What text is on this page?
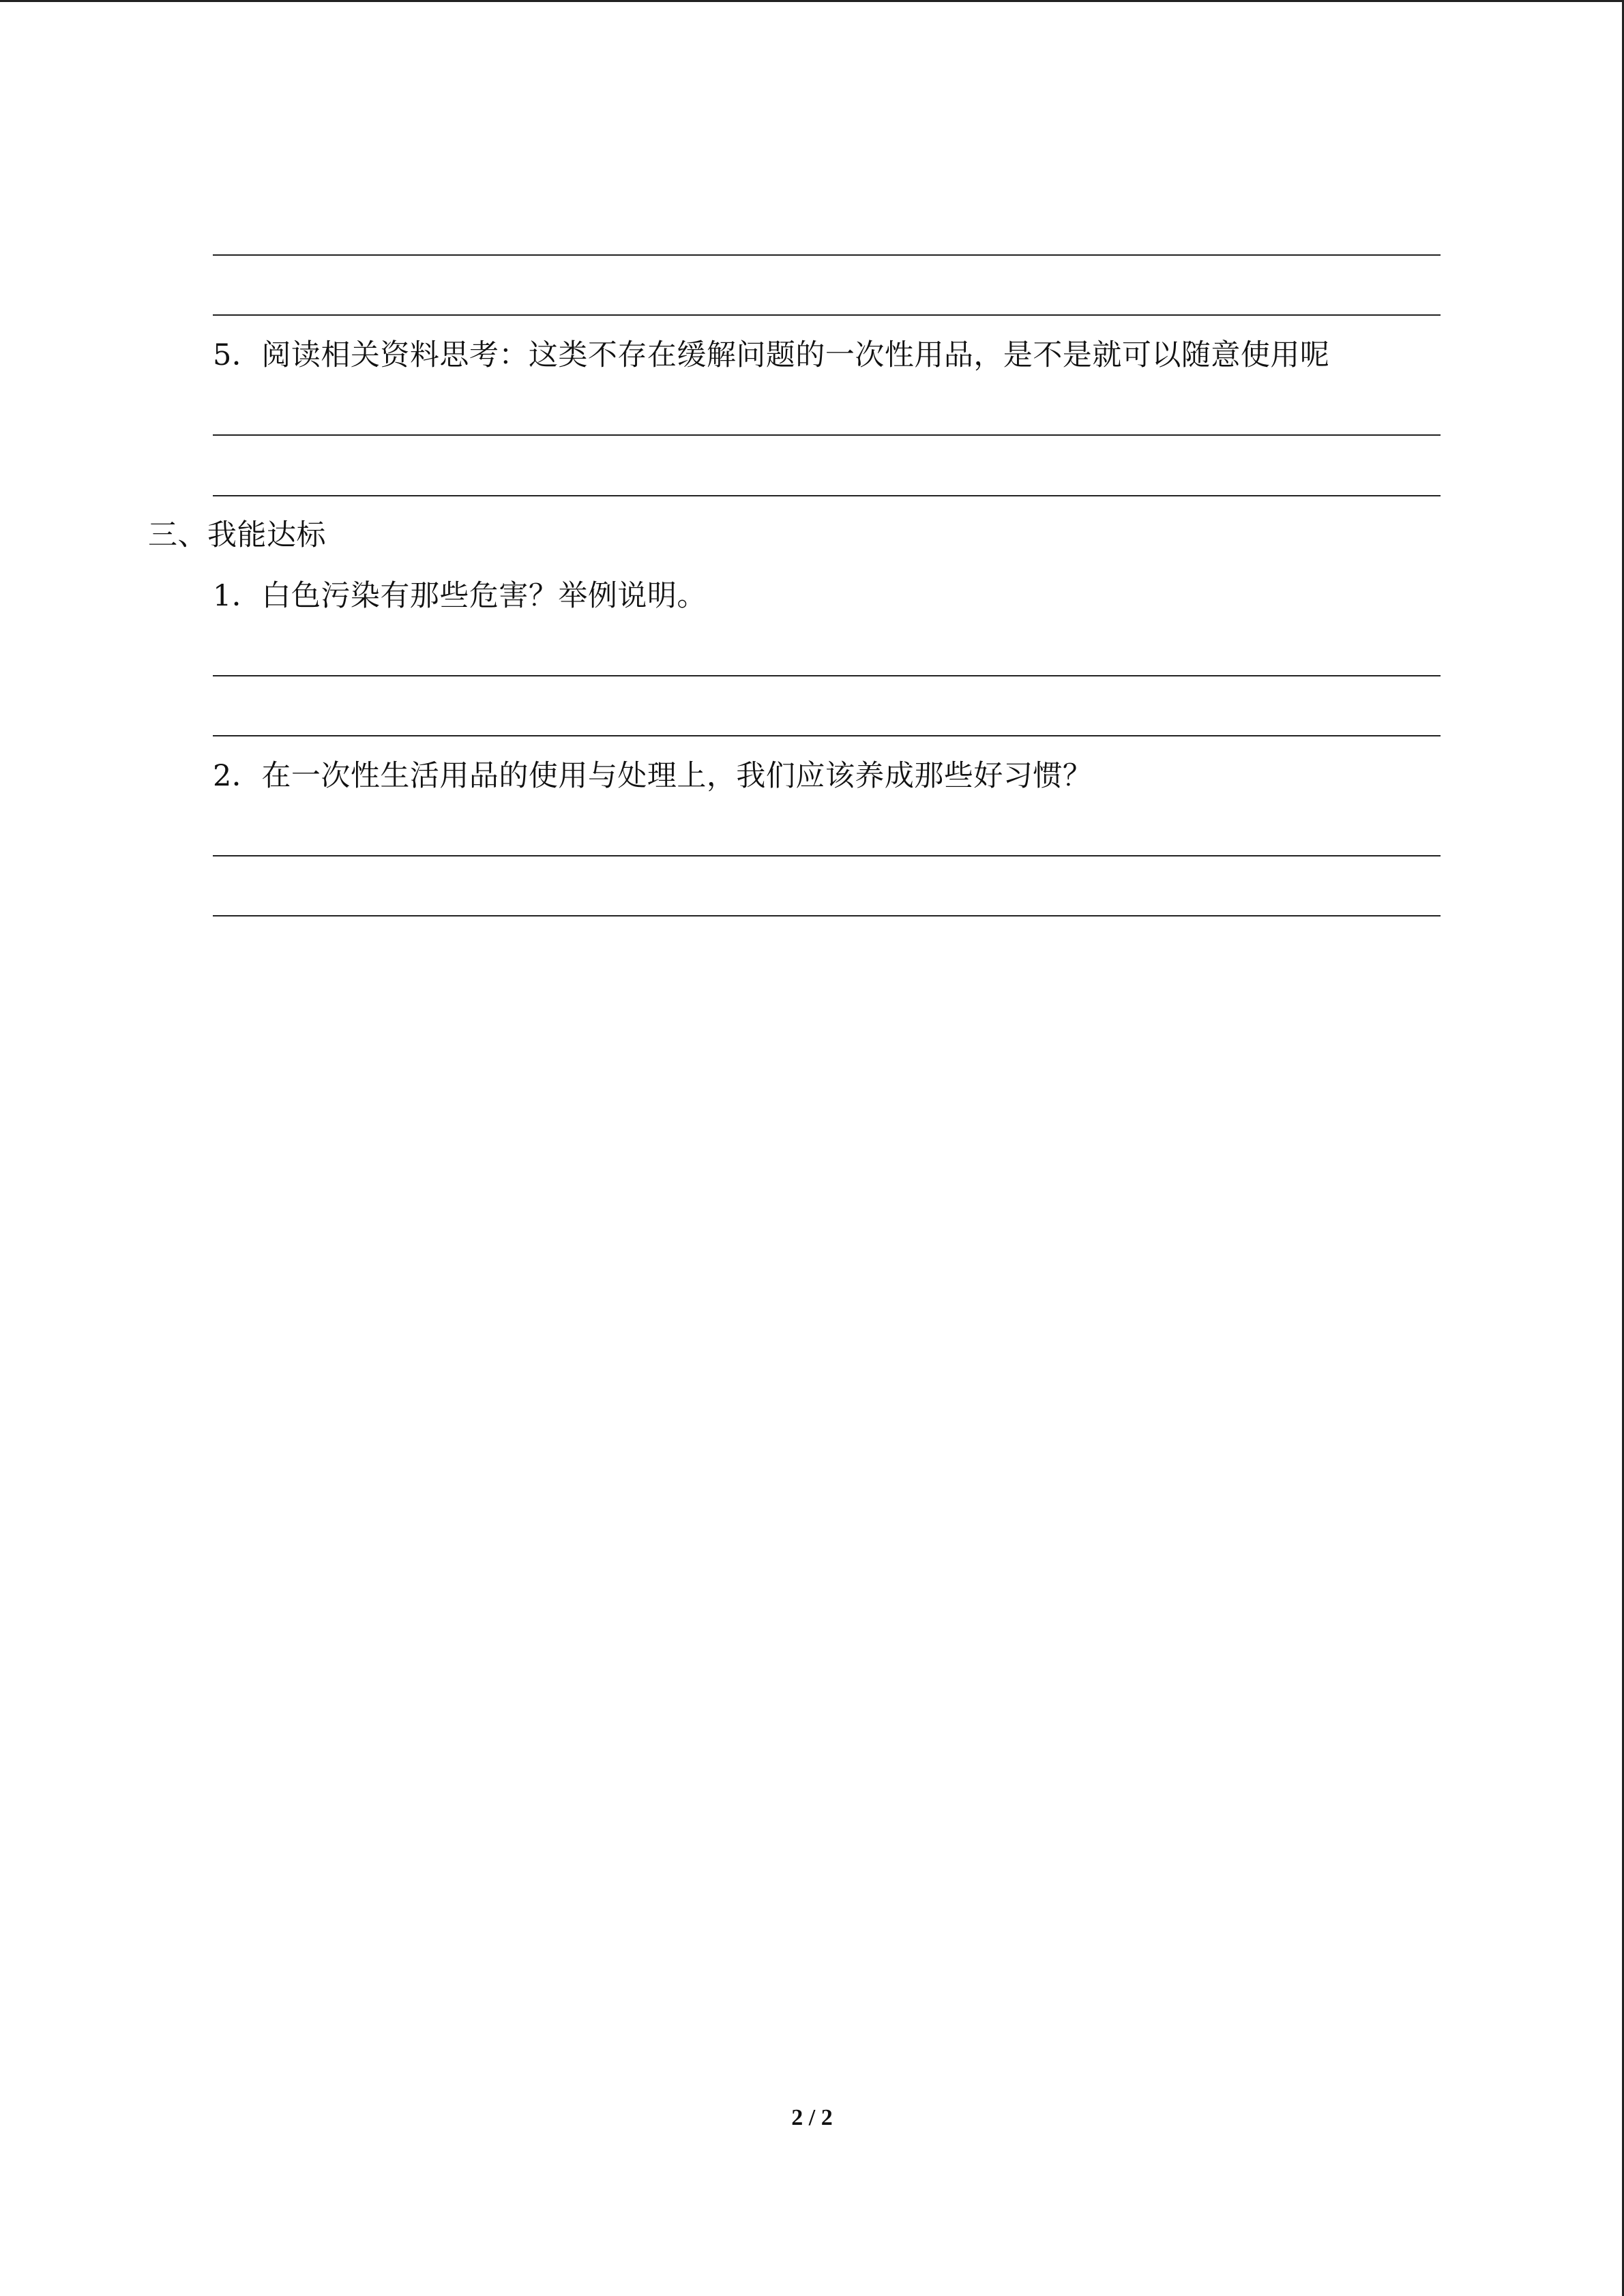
5．阅读相关资料思考：这类不存在缓解问题的一次性用品，是不是就可以随意使用呢
三、我能达标
1．白色污染有那些危害？举例说明。
2．在一次性生活用品的使用与处理上，我们应该养成那些好习惯？
2 / 2
